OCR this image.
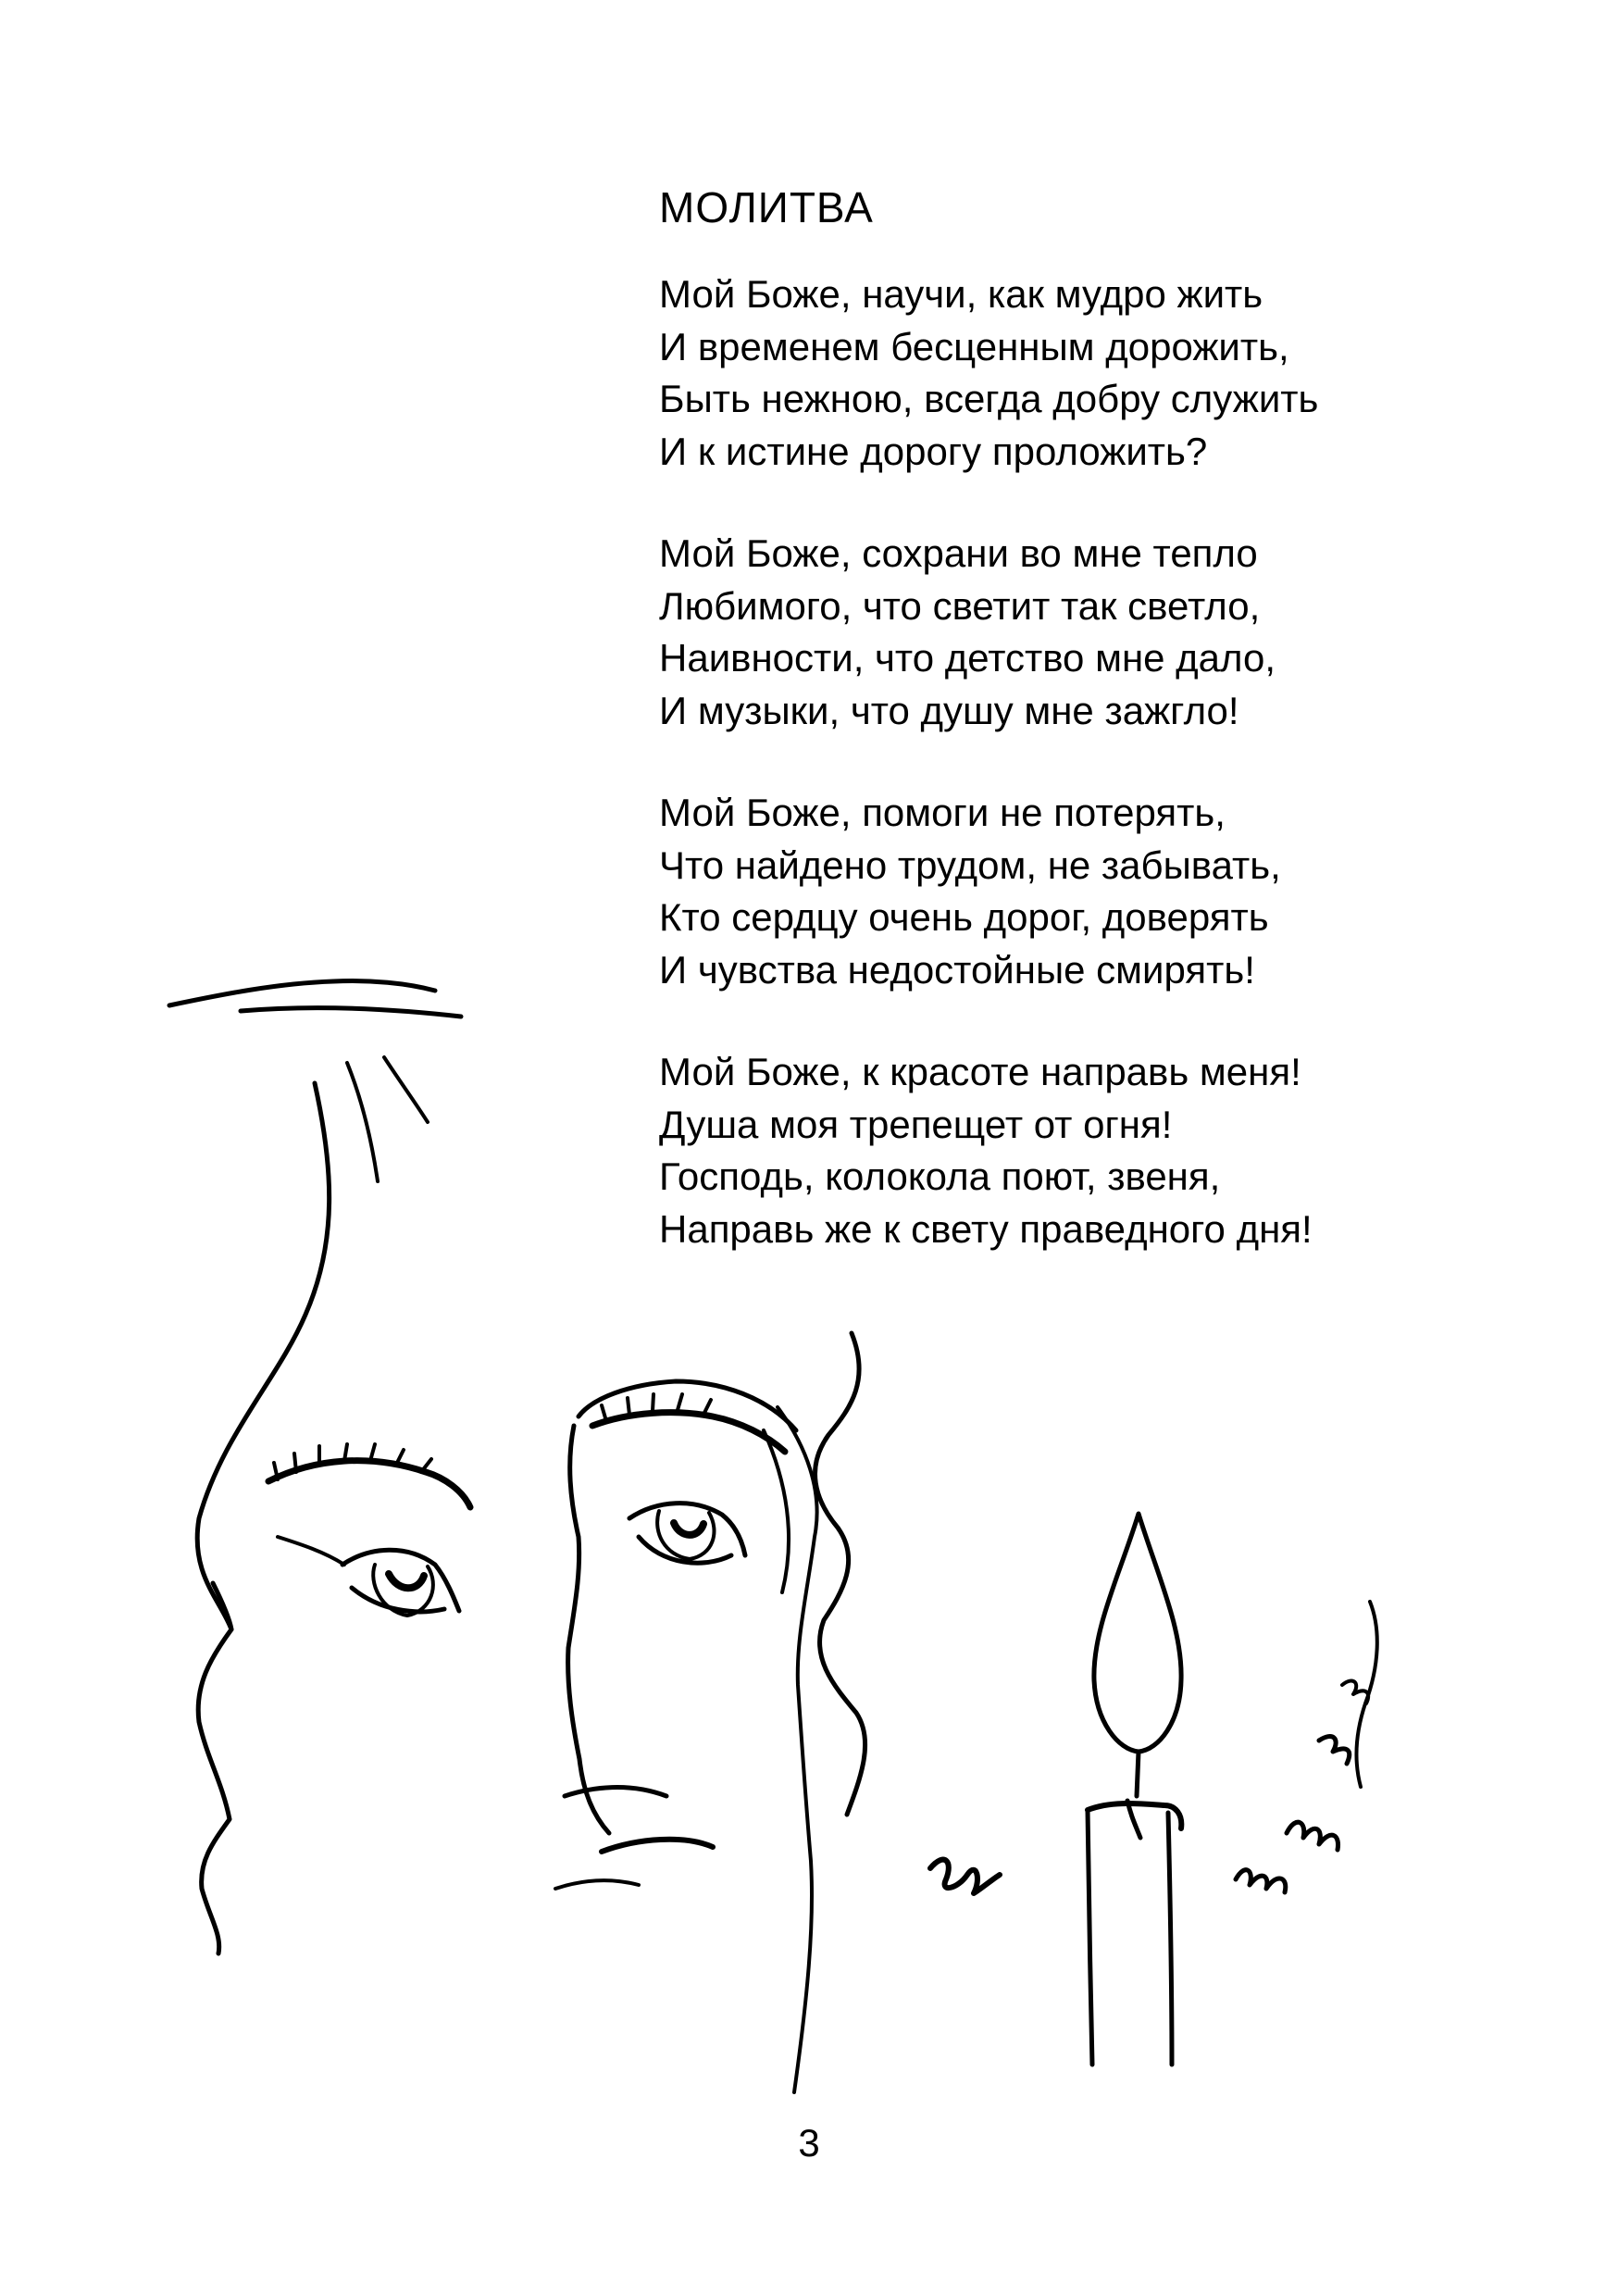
МОЛИТВА
Мой Боже, научи, как мудро жить
И временем бесценным дорожить,
Быть нежною, всегда добру служить
И к истине дорогу проложить?
Мой Боже, сохрани во мне тепло
Любимого, что светит так светло,
Наивности, что детство мне дало,
И музыки, что душу мне зажгло!
Мой Боже, помоги не потерять,
Что найдено трудом, не забывать,
Кто сердцу очень дорог, доверять
И чувства недостойные смирять!
Мой Боже, к красоте направь меня!
Душа моя трепещет от огня!
Господь, колокола поют, звеня,
Направь же к свету праведного дня!
3
